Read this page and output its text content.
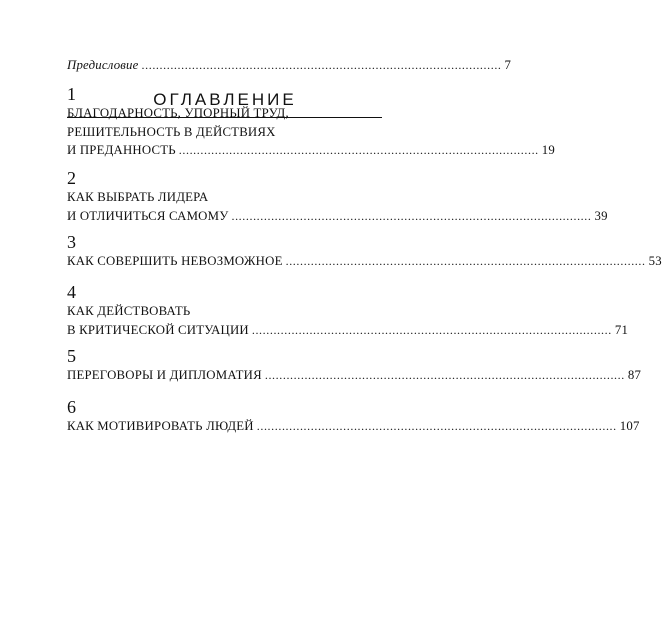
ОГЛАВЛЕНИЕ
Предисловие .................................................................................................... 7
1
БЛАГОДАРНОСТЬ, УПОРНЫЙ ТРУД,
РЕШИТЕЛЬНОСТЬ В ДЕЙСТВИЯХ
И ПРЕДАННОСТЬ .................................................................................................... 19
2
КАК ВЫБРАТЬ ЛИДЕРА
И ОТЛИЧИТЬСЯ САМОМУ .................................................................................................... 39
3
КАК СОВЕРШИТЬ НЕВОЗМОЖНОЕ .................................................................................................... 53
4
КАК ДЕЙСТВОВАТЬ
В КРИТИЧЕСКОЙ СИТУАЦИИ .................................................................................................... 71
5
ПЕРЕГОВОРЫ И ДИПЛОМАТИЯ .................................................................................................... 87
6
КАК МОТИВИРОВАТЬ ЛЮДЕЙ .................................................................................................... 107
